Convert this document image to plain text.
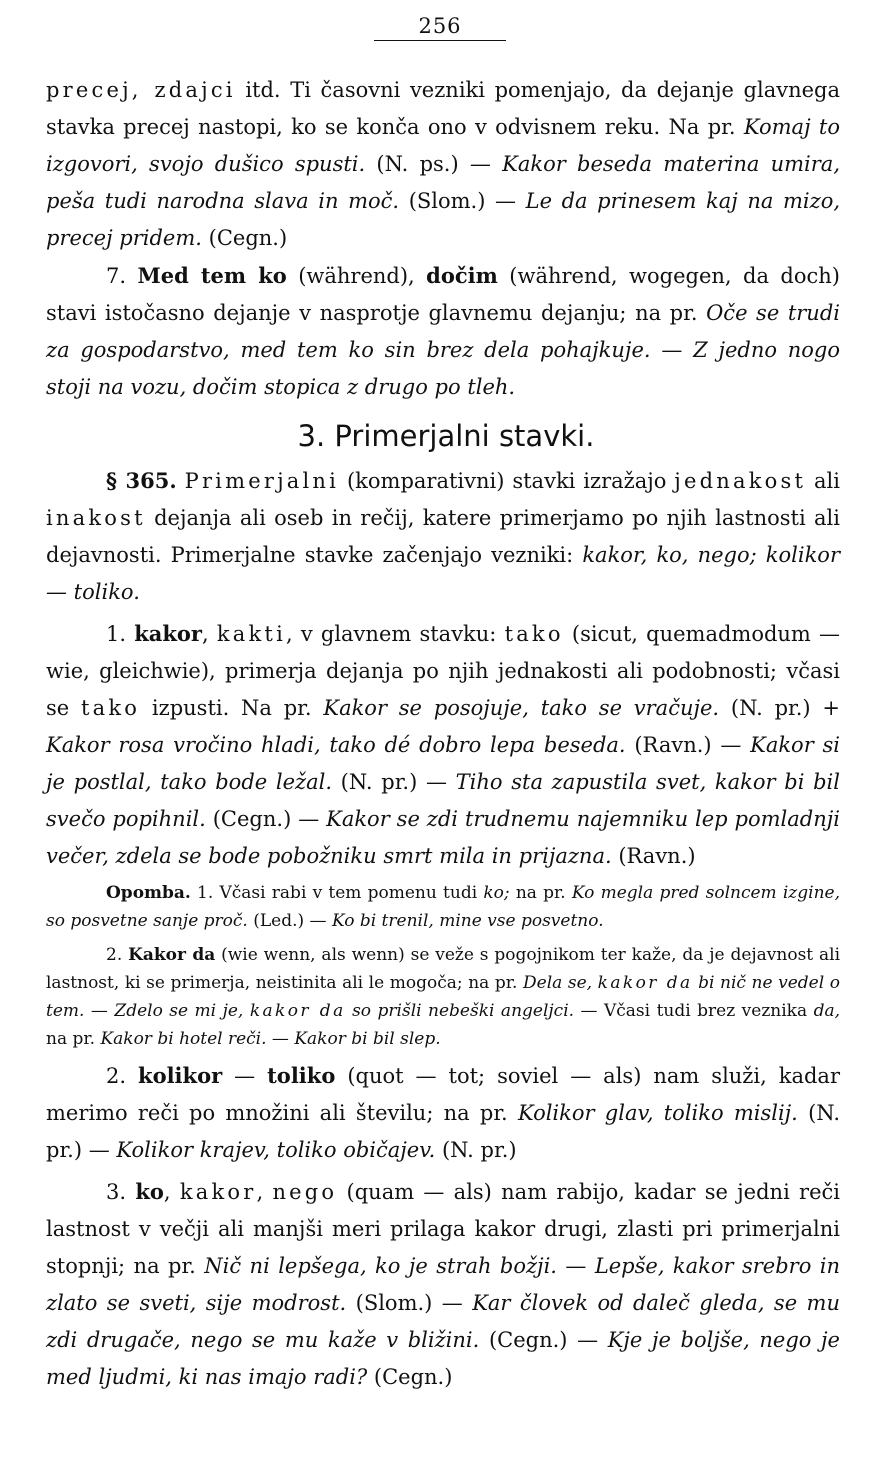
256

precej, zdajci itd. Ti časovni vezniki pomenjajo, da dejanje glavnega stavka precej nastopi, ko se konča ono v odvisnem reku. Na pr. Komaj to izgovori, svojo dušico spusti. (N. ps.) — Kakor beseda materina umira, peša tudi narodna slava in moč. (Slom.) — Le da prinesem kaj na mizo, precej pridem. (Cegn.)

7. Med tem ko (während), dočim (während, wogegen, da doch) stavi istočasno dejanje v nasprotje glavnemu dejanju; na pr. Oče se trudi za gospodarstvo, med tem ko sin brez dela pohajkuje. — Z jedno nogo stoji na vozu, dočim stopica z drugo po tleh.

3. Primerjalni stavki.

§ 365. Primerjalni (komparativni) stavki izražajo jednakost ali inakost dejanja ali oseb in rečij, katere primerjamo po njih lastnosti ali dejavnosti. Primerjalne stavke začenjajo vezniki: kakor, ko, nego; kolikor — toliko.

1. kakor, kakti, v glavnem stavku: tako (sicut, quemadmodum — wie, gleichwie), primerja dejanja po njih jednakosti ali podobnosti; včasi se tako izpusti. Na pr. Kakor se posojuje, tako se vračuje. (N. pr.) + Kakor rosa vročino hladi, tako dé dobro lepa beseda. (Ravn.) — Kakor si je postlal, tako bode ležal. (N. pr.) — Tiho sta zapustila svet, kakor bi bil svečo popihnil. (Cegn.) — Kakor se zdi trudnemu najemniku lep pomladnji večer, zdela se bode pobožniku smrt mila in prijazna. (Ravn.)

Opomba. 1. Včasi rabi v tem pomenu tudi ko; na pr. Ko megla pred solncem izgine, so posvetne sanje proč. (Led.) — Ko bi trenil, mine vse posvetno.

2. Kakor da (wie wenn, als wenn) se veže s pogojnikom ter kaže, da je dejavnost ali lastnost, ki se primerja, neistinita ali le mogoča; na pr. Dela se, kakor da bi nič ne vedel o tem. — Zdelo se mi je, kakor da so prišli nebeški angeljci. — Včasi tudi brez veznika da, na pr. Kakor bi hotel reči. — Kakor bi bil slep.

2. kolikor — toliko (quot — tot; soviel — als) nam služi, kadar merimo reči po množini ali številu; na pr. Kolikor glav, toliko mislij. (N. pr.) — Kolikor krajev, toliko običajev. (N. pr.)

3. ko, kakor, nego (quam — als) nam rabijo, kadar se jedni reči lastnost v večji ali manjši meri prilaga kakor drugi, zlasti pri primerjalni stopnji; na pr. Nič ni lepšega, ko je strah božji. — Lepše, kakor srebro in zlato se sveti, sije modrost. (Slom.) — Kar človek od daleč gleda, se mu zdi drugače, nego se mu kaže v bližini. (Cegn.) — Kje je boljše, nego je med ljudmi, ki nas imajo radi? (Cegn.)
